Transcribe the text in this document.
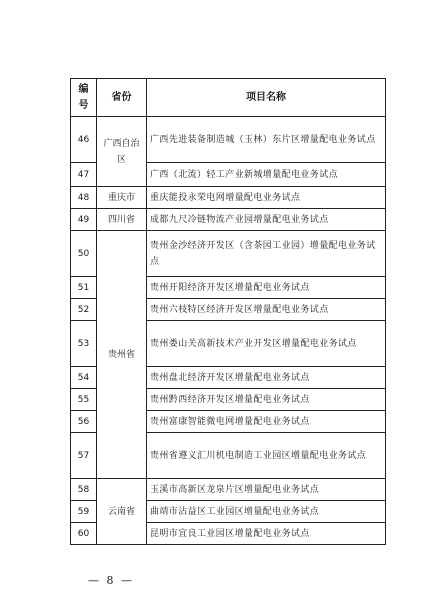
编号	省份	项目名称
46	广西自治区	广西先进装备制造城（玉林）东片区增量配电业务试点
47		广西（北流）轻工产业新城增量配电业务试点
48	重庆市	重庆能投永荣电网增量配电业务试点
49	四川省	成都九尺冷链物流产业园增量配电业务试点
50	贵州省	贵州金沙经济开发区（含茶园工业园）增量配电业务试点
51		贵州开阳经济开发区增量配电业务试点
52		贵州六枝特区经济开发区增量配电业务试点
53		贵州娄山关高新技术产业开发区增量配电业务试点
54		贵州盘北经济开发区增量配电业务试点
55		贵州黔西经济开发区增量配电业务试点
56		贵州富康智能微电网增量配电业务试点
57		贵州省遵义汇川机电制造工业园区增量配电业务试点
58	云南省	玉溪市高新区龙泉片区增量配电业务试点
59		曲靖市沾益区工业园区增量配电业务试点
60		昆明市宜良工业园区增量配电业务试点
— 8 —
